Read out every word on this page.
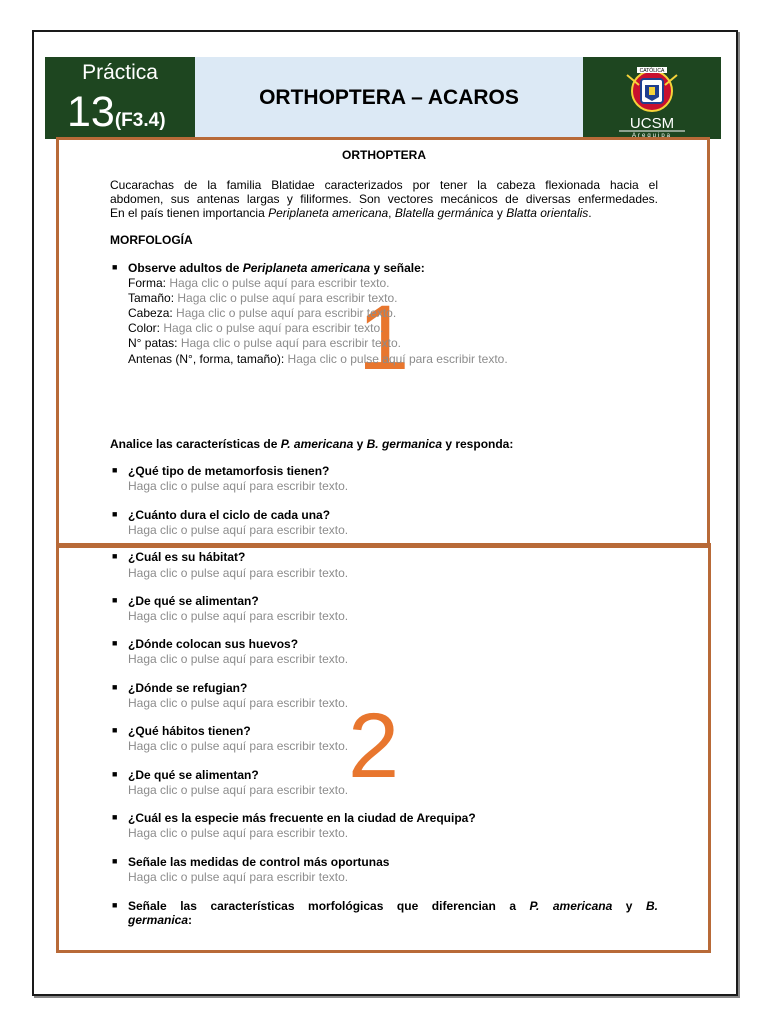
Práctica
13(F3.4)
ORTHOPTERA – ACAROS
CATÓLICA
UCSM
Arequipa
1
2
ORTHOPTERA
Cucarachas de la familia Blatidae caracterizados por tener la cabeza flexionada hacia el
abdomen, sus antenas largas y filiformes. Son vectores mecánicos de diversas enfermedades.
En el país tienen importancia Periplaneta americana, Blatella germánica y Blatta orientalis.
MORFOLOGÍA
■ Observe adultos de Periplaneta americana y señale:
Forma: Haga clic o pulse aquí para escribir texto.
Tamaño: Haga clic o pulse aquí para escribir texto.
Cabeza: Haga clic o pulse aquí para escribir texto.
Color: Haga clic o pulse aquí para escribir texto.
N° patas: Haga clic o pulse aquí para escribir texto.
Antenas (N°, forma, tamaño): Haga clic o pulse aquí para escribir texto.
Analice las características de P. americana y B. germanica y responda:
■ ¿Qué tipo de metamorfosis tienen?
Haga clic o pulse aquí para escribir texto.
■ ¿Cuánto dura el ciclo de cada una?
Haga clic o pulse aquí para escribir texto.
■ ¿Cuál es su hábitat?
Haga clic o pulse aquí para escribir texto.
■ ¿De qué se alimentan?
Haga clic o pulse aquí para escribir texto.
■ ¿Dónde colocan sus huevos?
Haga clic o pulse aquí para escribir texto.
■ ¿Dónde se refugian?
Haga clic o pulse aquí para escribir texto.
■ ¿Qué hábitos tienen?
Haga clic o pulse aquí para escribir texto.
■ ¿De qué se alimentan?
Haga clic o pulse aquí para escribir texto.
■ ¿Cuál es la especie más frecuente en la ciudad de Arequipa?
Haga clic o pulse aquí para escribir texto.
■ Señale las medidas de control más oportunas
Haga clic o pulse aquí para escribir texto.
■ Señale las características morfológicas que diferencian a P. americana y B.
germanica:
